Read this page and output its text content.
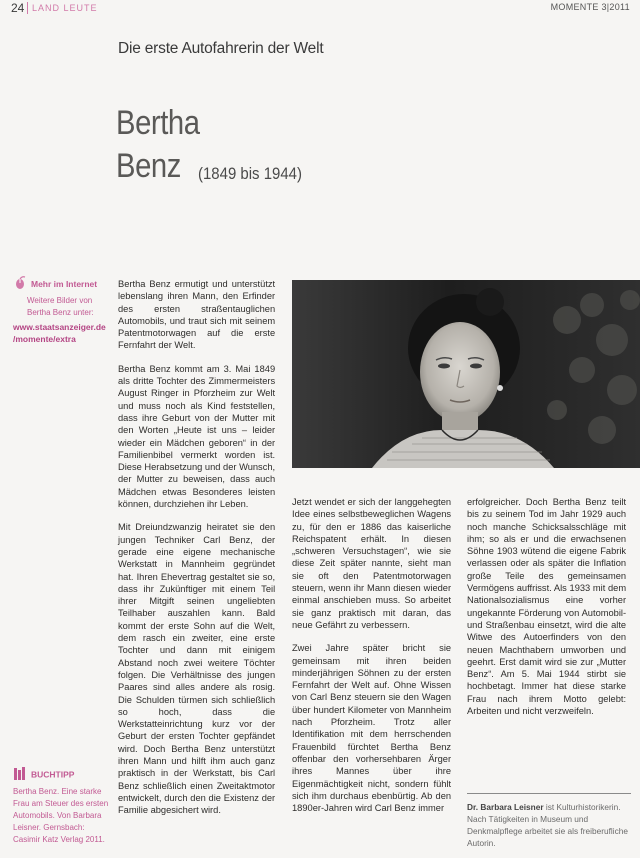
24 LAND LEUTE	MOMENTE 3|2011
Die erste Autofahrerin der Welt
Bertha
Benz (1849 bis 1944)
Mehr im Internet
Weitere Bilder von Bertha Benz unter:
www.staatsanzeiger.de
/momente/extra
BUCHTIPP
Bertha Benz. Eine starke Frau am Steuer des ersten Automobils. Von Barbara Leisner. Gernsbach: Casimir Katz Verlag 2011.

Bertha Benz ermutigt und unterstützt lebenslang ihren Mann, den Erfinder des ersten straßentauglichen Automobils, und traut sich mit seinem Patentmotorwagen auf die erste Fernfahrt der Welt.

Bertha Benz kommt am 3. Mai 1849 als dritte Tochter des Zimmermeisters August Ringer in Pforzheim zur Welt und muss noch als Kind feststellen, dass ihre Geburt von der Mutter mit den Worten „Heute ist uns – leider wieder ein Mädchen geboren“ in der Familienbibel vermerkt worden ist. Diese Herabsetzung und der Wunsch, der Mutter zu beweisen, dass auch Mädchen etwas Besonderes leisten können, durchziehen ihr Leben.

Mit Dreiundzwanzig heiratet sie den jungen Techniker Carl Benz, der gerade eine eigene mechanische Werkstatt in Mannheim gegründet hat. Ihren Ehevertrag gestaltet sie so, dass ihr Zukünftiger mit einem Teil ihrer Mitgift seinen ungeliebten Teilhaber auszahlen kann. Bald kommt der erste Sohn auf die Welt, dem rasch ein zweiter, eine erste Tochter und dann mit einigem Abstand noch zwei weitere Töchter folgen. Die Verhältnisse des jungen Paares sind alles andere als rosig. Die Schulden türmen sich schließlich so hoch, dass die Werkstatteinrichtung kurz vor der Geburt der ersten Tochter gepfändet wird. Doch Bertha Benz unterstützt ihren Mann und hilft ihm auch ganz praktisch in der Werkstatt, bis Carl Benz schließlich einen Zweitaktmotor entwickelt, durch den die Existenz der Familie abgesichert wird.

Jetzt wendet er sich der langgehegten Idee eines selbstbeweglichen Wagens zu, für den er 1886 das kaiserliche Reichspatent erhält. In diesen „schweren Versuchstagen“, wie sie diese Zeit später nannte, sieht man sie oft den Patentmotorwagen steuern, wenn ihr Mann diesen wieder einmal anschieben muss. So arbeitet sie ganz praktisch mit daran, das neue Gefährt zu verbessern.

Zwei Jahre später bricht sie gemeinsam mit ihren beiden minderjährigen Söhnen zu der ersten Fernfahrt der Welt auf. Ohne Wissen von Carl Benz steuern sie den Wagen über hundert Kilometer von Mannheim nach Pforzheim. Trotz aller Identifikation mit dem herrschenden Frauenbild fürchtet Bertha Benz offenbar den vorhersehbaren Ärger ihres Mannes über ihre Eigenmächtigkeit nicht, sondern fühlt sich ihm durchaus ebenbürtig. Ab den 1890er-Jahren wird Carl Benz immer

erfolgreicher. Doch Bertha Benz teilt bis zu seinem Tod im Jahr 1929 auch noch manche Schicksalsschläge mit ihm; so als er und die erwachsenen Söhne 1903 wütend die eigene Fabrik verlassen oder als später die Inflation große Teile des gemeinsamen Vermögens auffrisst. Als 1933 mit dem Nationalsozialismus eine vorher ungekannte Förderung von Automobil- und Straßenbau einsetzt, wird die alte Witwe des Autoerfinders von den neuen Machthabern umworben und geehrt. Erst damit wird sie zur „Mutter Benz“. Am 5. Mai 1944 stirbt sie hochbetagt. Immer hat diese starke Frau nach ihrem Motto gelebt: Arbeiten und nicht verzweifeln.

Dr. Barbara Leisner ist Kulturhistorikerin. Nach Tätigkeiten in Museum und Denkmalpflege arbeitet sie als freiberufliche Autorin.
